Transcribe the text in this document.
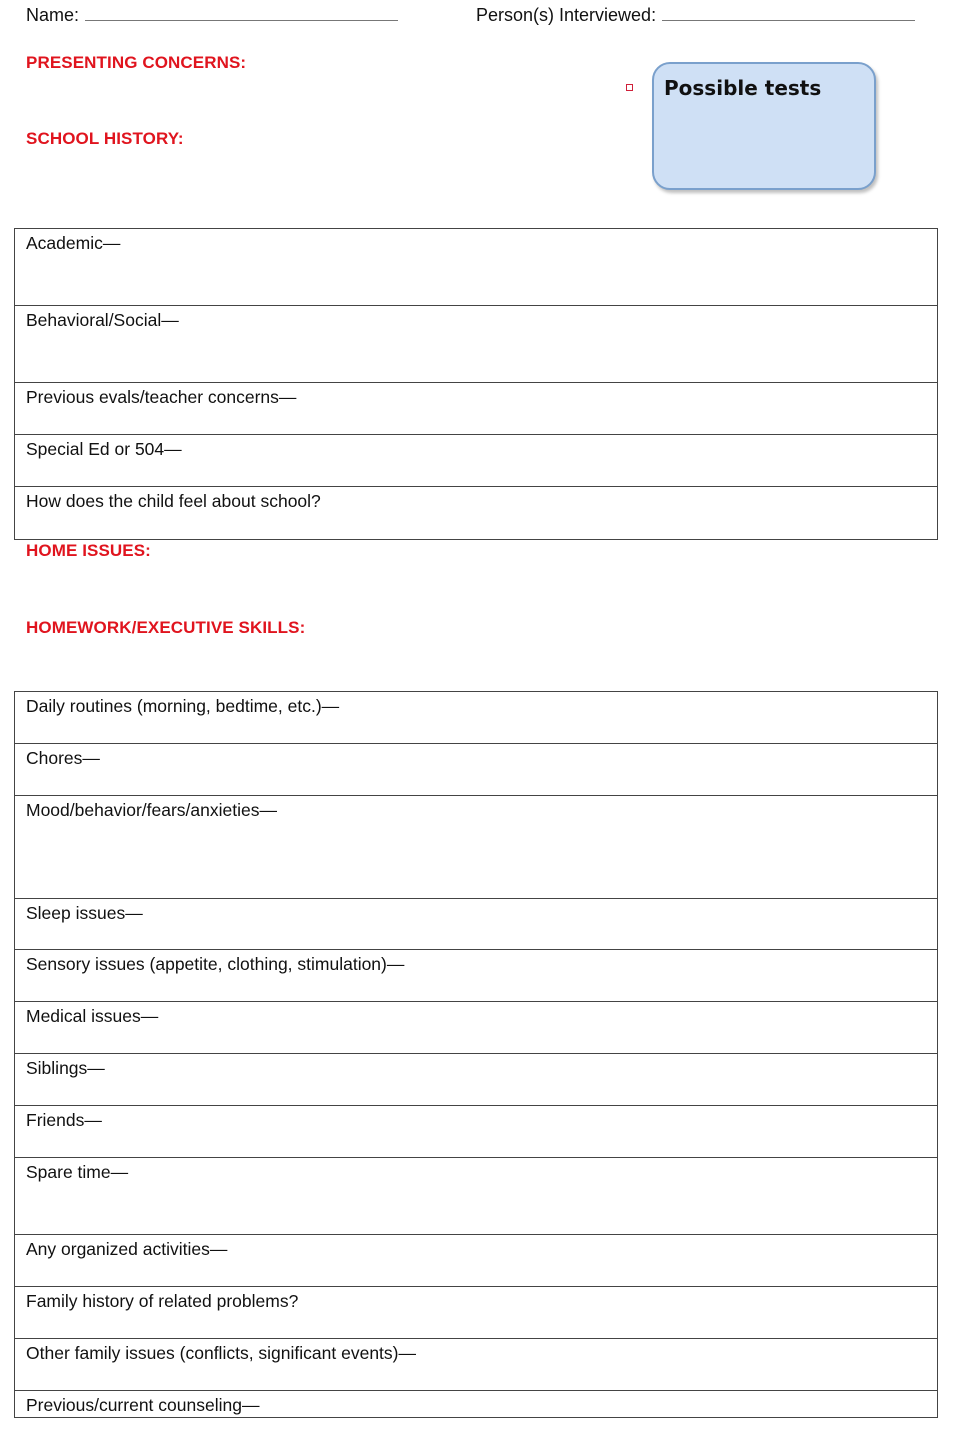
Name:	Person(s) Interviewed:
PRESENTING CONCERNS:
SCHOOL HISTORY:
Possible tests
Academic—
Behavioral/Social—
Previous evals/teacher concerns—
Special Ed or 504—
How does the child feel about school?
HOME ISSUES:
HOMEWORK/EXECUTIVE SKILLS:
Daily routines (morning, bedtime, etc.)—
Chores—
Mood/behavior/fears/anxieties—
Sleep issues—
Sensory issues (appetite, clothing, stimulation)—
Medical issues—
Siblings—
Friends—
Spare time—
Any organized activities—
Family history of related problems?
Other family issues (conflicts, significant events)—
Previous/current counseling—
